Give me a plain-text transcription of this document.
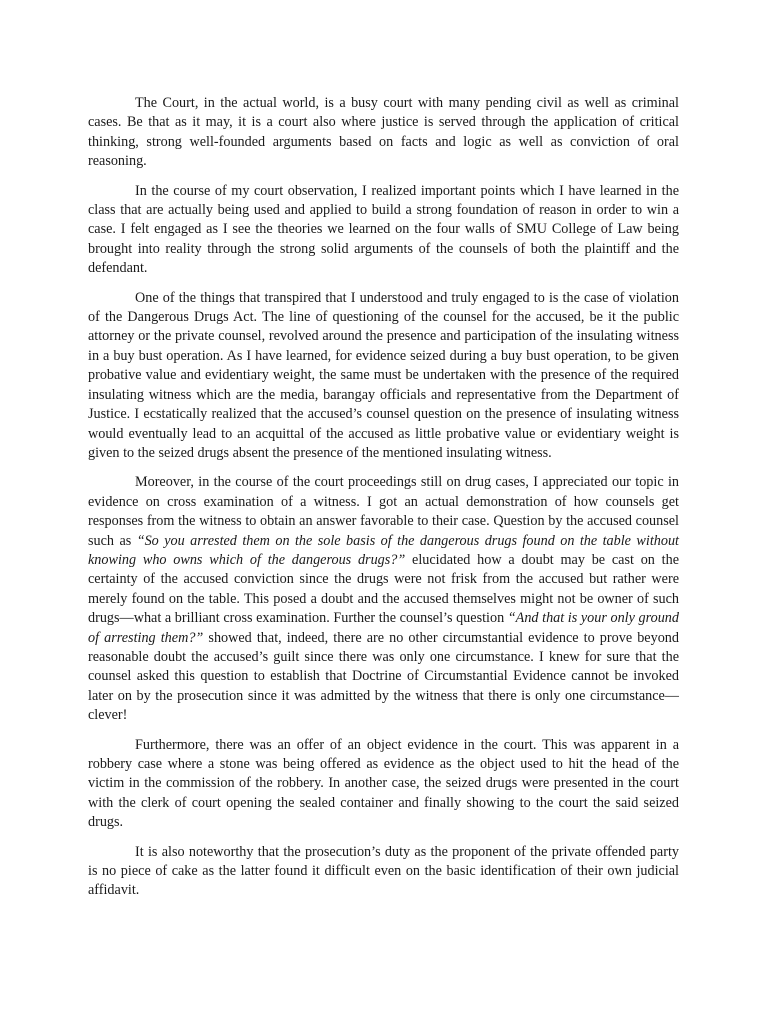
The Court, in the actual world, is a busy court with many pending civil as well as criminal cases. Be that as it may, it is a court also where justice is served through the application of critical thinking, strong well-founded arguments based on facts and logic as well as conviction of oral reasoning.

In the course of my court observation, I realized important points which I have learned in the class that are actually being used and applied to build a strong foundation of reason in order to win a case. I felt engaged as I see the theories we learned on the four walls of SMU College of Law being brought into reality through the strong solid arguments of the counsels of both the plaintiff and the defendant.

One of the things that transpired that I understood and truly engaged to is the case of violation of the Dangerous Drugs Act. The line of questioning of the counsel for the accused, be it the public attorney or the private counsel, revolved around the presence and participation of the insulating witness in a buy bust operation. As I have learned, for evidence seized during a buy bust operation, to be given probative value and evidentiary weight, the same must be undertaken with the presence of the required insulating witness which are the media, barangay officials and representative from the Department of Justice. I ecstatically realized that the accused’s counsel question on the presence of insulating witness would eventually lead to an acquittal of the accused as little probative value or evidentiary weight is given to the seized drugs absent the presence of the mentioned insulating witness.

Moreover, in the course of the court proceedings still on drug cases, I appreciated our topic in evidence on cross examination of a witness. I got an actual demonstration of how counsels get responses from the witness to obtain an answer favorable to their case. Question by the accused counsel such as “So you arrested them on the sole basis of the dangerous drugs found on the table without knowing who owns which of the dangerous drugs?” elucidated how a doubt may be cast on the certainty of the accused conviction since the drugs were not frisk from the accused but rather were merely found on the table. This posed a doubt and the accused themselves might not be owner of such drugs—what a brilliant cross examination. Further the counsel’s question “And that is your only ground of arresting them?” showed that, indeed, there are no other circumstantial evidence to prove beyond reasonable doubt the accused’s guilt since there was only one circumstance. I knew for sure that the counsel asked this question to establish that Doctrine of Circumstantial Evidence cannot be invoked later on by the prosecution since it was admitted by the witness that there is only one circumstance—clever!

Furthermore, there was an offer of an object evidence in the court. This was apparent in a robbery case where a stone was being offered as evidence as the object used to hit the head of the victim in the commission of the robbery. In another case, the seized drugs were presented in the court with the clerk of court opening the sealed container and finally showing to the court the said seized drugs.

It is also noteworthy that the prosecution’s duty as the proponent of the private offended party is no piece of cake as the latter found it difficult even on the basic identification of their own judicial affidavit.
